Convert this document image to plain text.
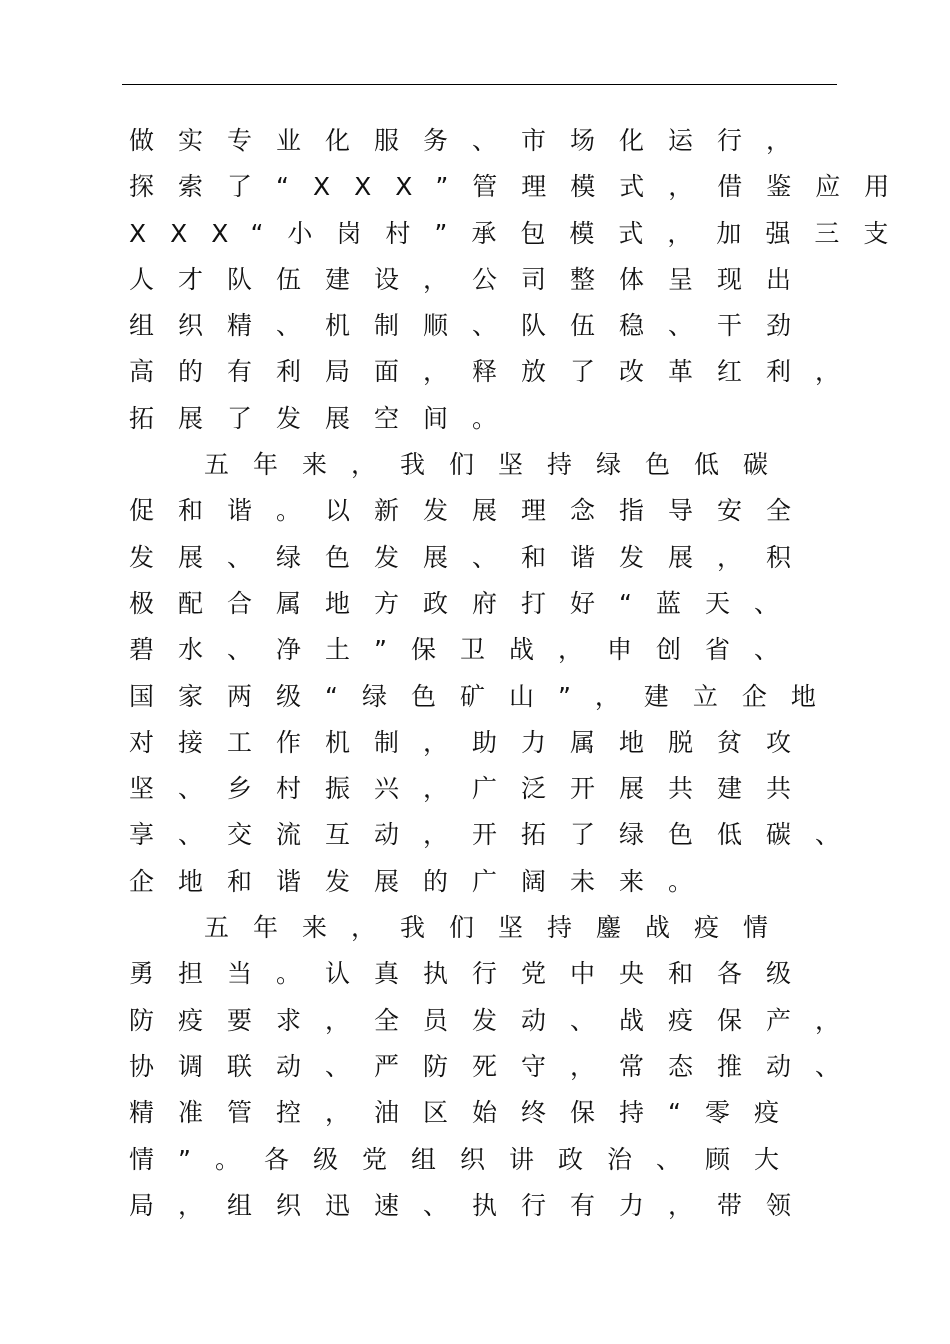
做实专业化服务、市场化运行，
探索了“XXX”管理模式，借鉴应用
XXX“小岗村”承包模式，加强三支
人才队伍建设，公司整体呈现出
组织精、机制顺、队伍稳、干劲
高的有利局面，释放了改革红利，
拓展了发展空间。
五年来，我们坚持绿色低碳
促和谐。以新发展理念指导安全
发展、绿色发展、和谐发展，积
极配合属地方政府打好“蓝天、
碧水、净土”保卫战，申创省、
国家两级“绿色矿山”，建立企地
对接工作机制，助力属地脱贫攻
坚、乡村振兴，广泛开展共建共
享、交流互动，开拓了绿色低碳、
企地和谐发展的广阔未来。
五年来，我们坚持鏖战疫情
勇担当。认真执行党中央和各级
防疫要求，全员发动、战疫保产，
协调联动、严防死守，常态推动、
精准管控，油区始终保持“零疫
情”。各级党组织讲政治、顾大
局，组织迅速、执行有力，带领
